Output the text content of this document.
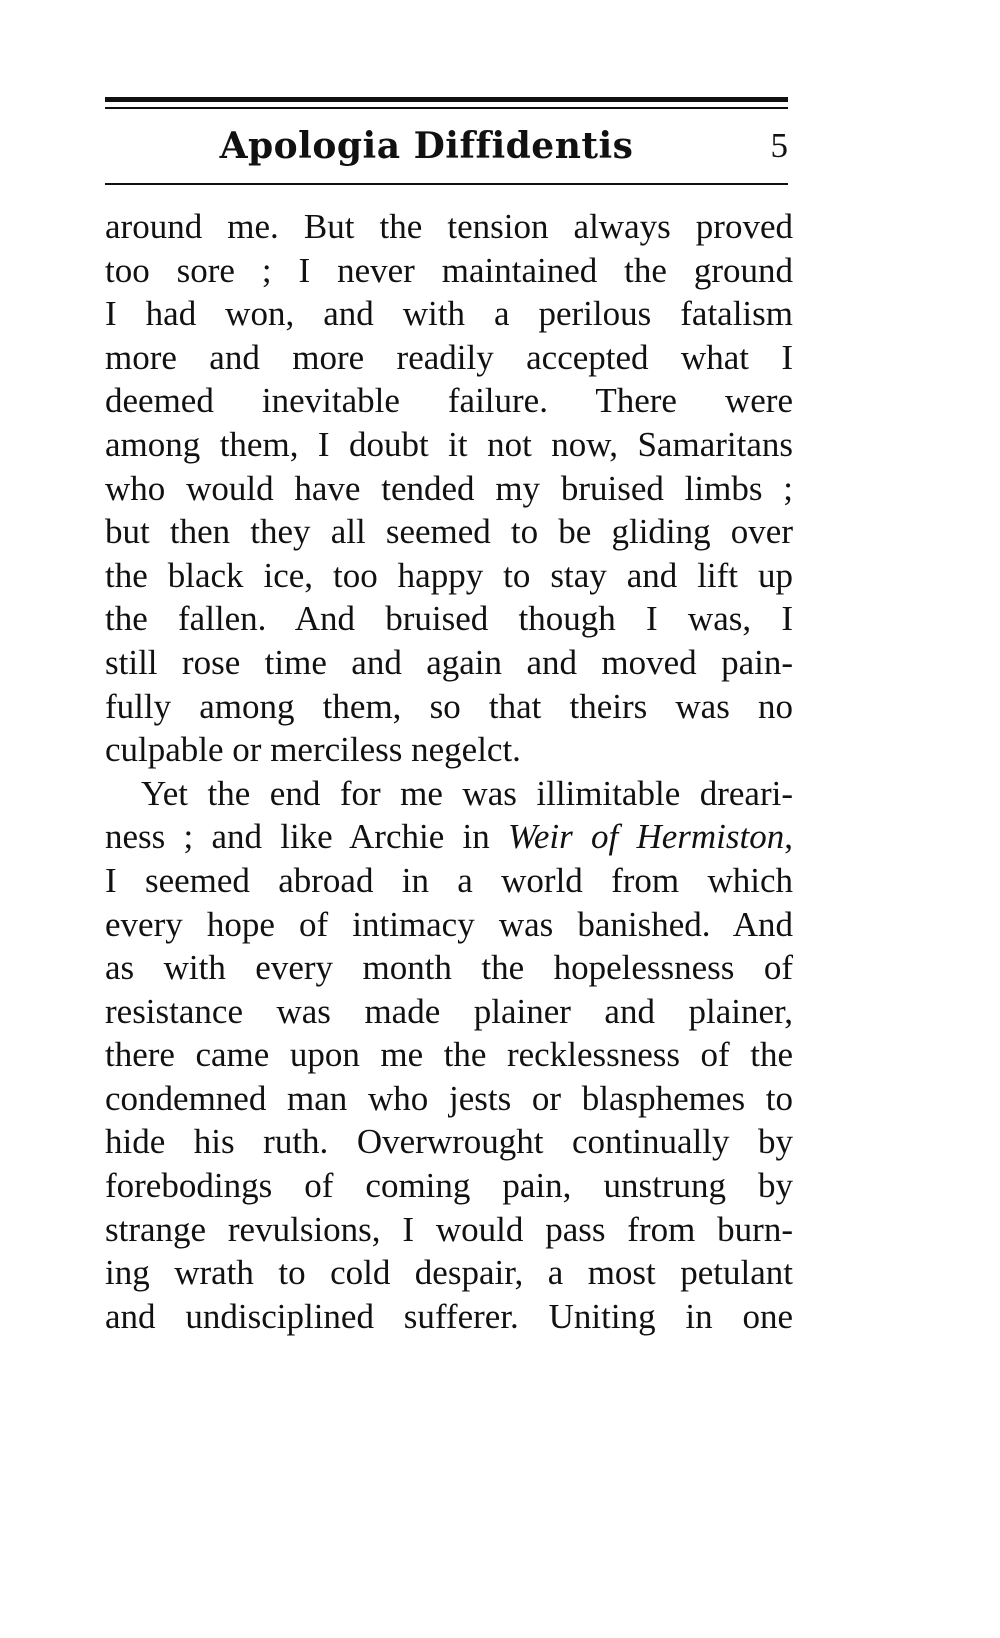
Apologia Diffidentis	5
around me. But the tension always proved
too sore ; I never maintained the ground
I had won, and with a perilous fatalism
more and more readily accepted what I
deemed inevitable failure. There were
among them, I doubt it not now, Samaritans
who would have tended my bruised limbs ;
but then they all seemed to be gliding over
the black ice, too happy to stay and lift up
the fallen. And bruised though I was, I
still rose time and again and moved pain-
fully among them, so that theirs was no
culpable or merciless negelct.
Yet the end for me was illimitable dreari-
ness ; and like Archie in Weir of Hermiston,
I seemed abroad in a world from which
every hope of intimacy was banished. And
as with every month the hopelessness of
resistance was made plainer and plainer,
there came upon me the recklessness of the
condemned man who jests or blasphemes to
hide his ruth. Overwrought continually by
forebodings of coming pain, unstrung by
strange revulsions, I would pass from burn-
ing wrath to cold despair, a most petulant
and undisciplined sufferer. Uniting in one
